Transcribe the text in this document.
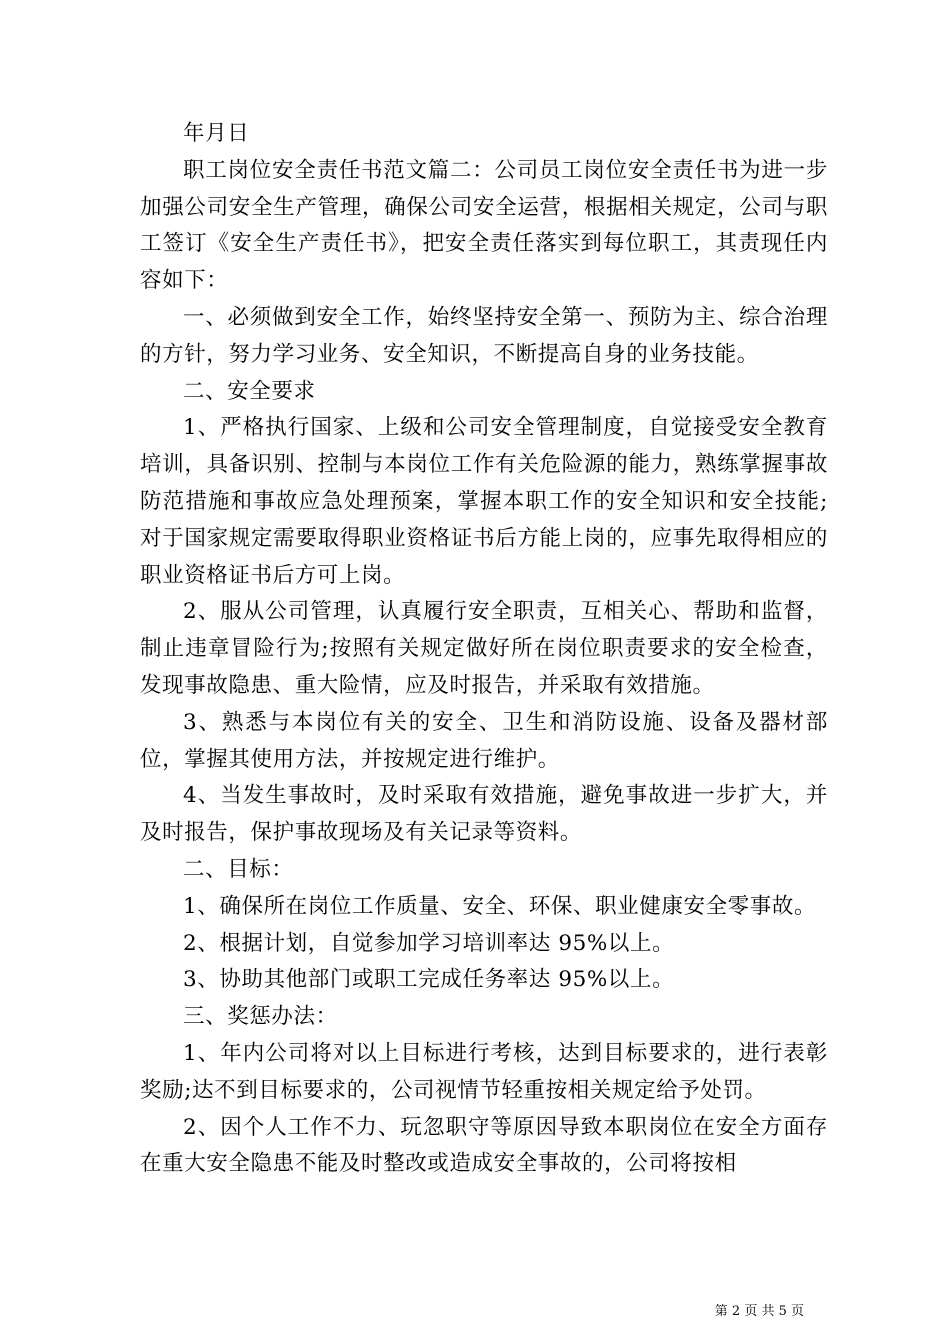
年月日

职工岗位安全责任书范文篇二：公司员工岗位安全责任书为进一步加强公司安全生产管理，确保公司安全运营，根据相关规定，公司与职工签订《安全生产责任书》，把安全责任落实到每位职工，其责现任内容如下：

一、必须做到安全工作，始终坚持安全第一、预防为主、综合治理的方针，努力学习业务、安全知识，不断提高自身的业务技能。

二、安全要求

1、严格执行国家、上级和公司安全管理制度，自觉接受安全教育培训，具备识别、控制与本岗位工作有关危险源的能力，熟练掌握事故防范措施和事故应急处理预案，掌握本职工作的安全知识和安全技能;对于国家规定需要取得职业资格证书后方能上岗的，应事先取得相应的职业资格证书后方可上岗。

2、服从公司管理，认真履行安全职责，互相关心、帮助和监督，制止违章冒险行为;按照有关规定做好所在岗位职责要求的安全检查，发现事故隐患、重大险情，应及时报告，并采取有效措施。

3、熟悉与本岗位有关的安全、卫生和消防设施、设备及器材部位，掌握其使用方法，并按规定进行维护。

4、当发生事故时，及时采取有效措施，避免事故进一步扩大，并及时报告，保护事故现场及有关记录等资料。

二、目标：

1、确保所在岗位工作质量、安全、环保、职业健康安全零事故。

2、根据计划，自觉参加学习培训率达 95%以上。

3、协助其他部门或职工完成任务率达 95%以上。

三、奖惩办法：

1、年内公司将对以上目标进行考核，达到目标要求的，进行表彰奖励;达不到目标要求的，公司视情节轻重按相关规定给予处罚。

2、因个人工作不力、玩忽职守等原因导致本职岗位在安全方面存在重大安全隐患不能及时整改或造成安全事故的，公司将按相

第 2 页 共 5 页
